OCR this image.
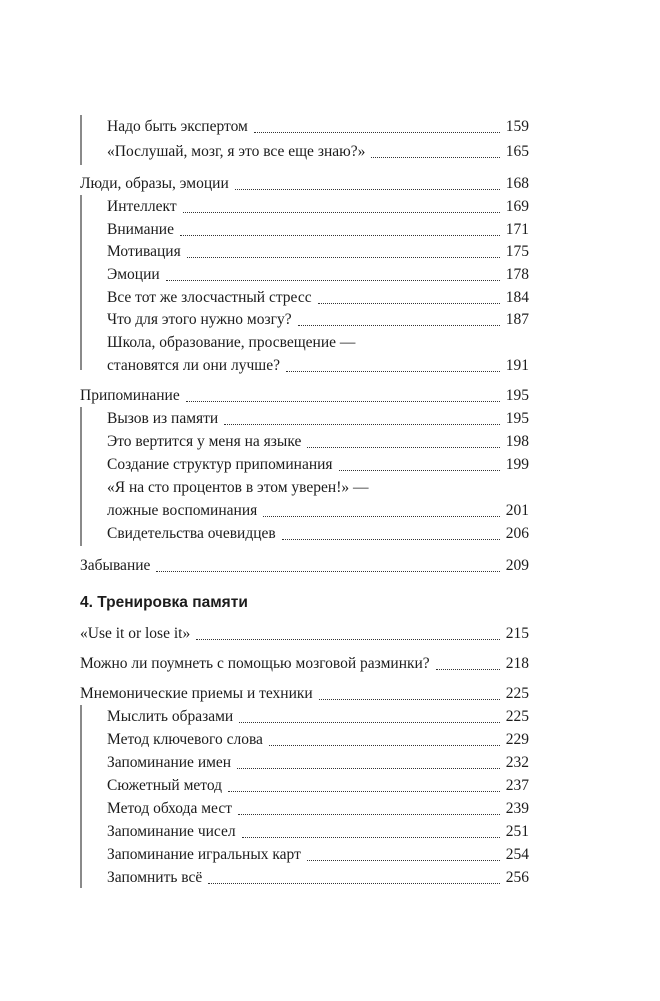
4. Тренировка памяти
Надо быть экспертом	159
«Послушай, мозг, я это все еще знаю?»	165
Люди, образы, эмоции	168
Интеллект	169
Внимание	171
Мотивация	175
Эмоции	178
Все тот же злосчастный стресс	184
Что для этого нужно мозгу?	187
Школа, образование, просвещение —
становятся ли они лучше?	191
Припоминание	195
Вызов из памяти	195
Это вертится у меня на языке	198
Создание структур припоминания	199
«Я на сто процентов в этом уверен!» —
ложные воспоминания	201
Свидетельства очевидцев	206
Забывание	209
«Use it or lose it»	215
Можно ли поумнеть с помощью мозговой разминки?	218
Мнемонические приемы и техники	225
Мыслить образами	225
Метод ключевого слова	229
Запоминание имен	232
Сюжетный метод	237
Метод обхода мест	239
Запоминание чисел	251
Запоминание игральных карт	254
Запомнить всё	256
